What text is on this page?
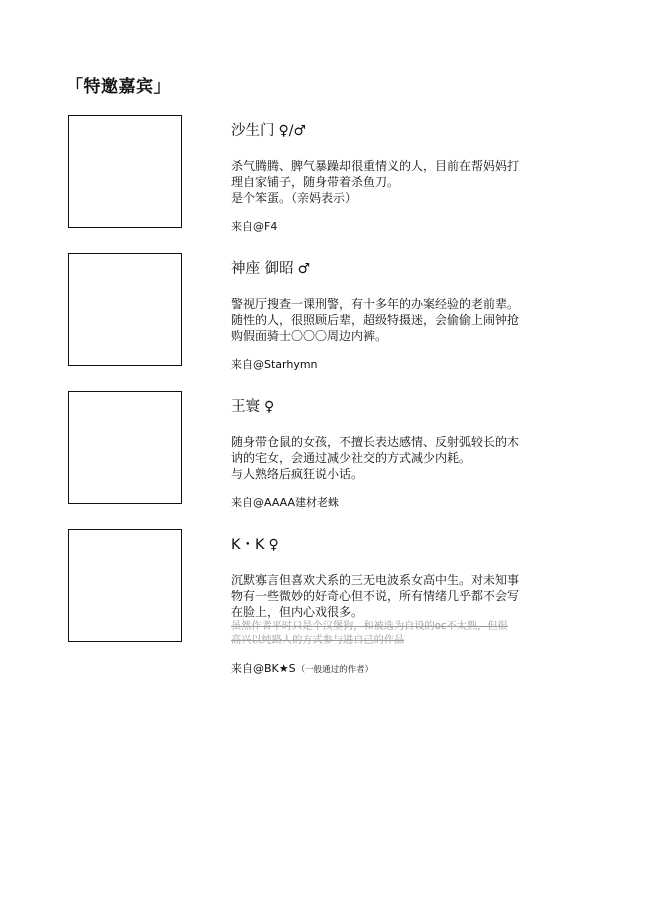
「特邀嘉宾」
沙生门 ♀/♂
杀气腾腾、脾气暴躁却很重情义的人，目前在帮妈妈打
理自家铺子，随身带着杀鱼刀。
是个笨蛋。（亲妈表示）
来自@F4
神座 御昭 ♂
警视厅搜查一课刑警，有十多年的办案经验的老前辈。
随性的人，很照顾后辈，超级特摄迷，会偷偷上闹钟抢
购假面骑士〇〇〇周边内裤。
来自@Starhymn
王寰 ♀
随身带仓鼠的女孩，不擅长表达感情、反射弧较长的木
讷的宅女，会通过减少社交的方式减少内耗。
与人熟络后疯狂说小话。
来自@AAAA建材老蛛
K・K ♀
沉默寡言但喜欢犬系的三无电波系女高中生。对未知事
物有一些微妙的好奇心但不说，所有情绪几乎都不会写
在脸上，但内心戏很多。
虽然作者平时只是个汉堡狗，和被选为自设的oc不太熟，但很
高兴以纯路人的方式参与进自己的作品
来自@BK★S（一般通过的作者）
